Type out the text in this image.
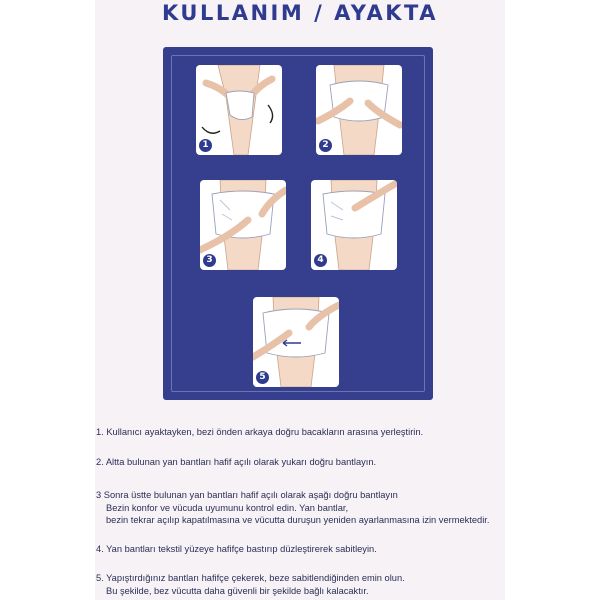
KULLANIM / AYAKTA
1	2
3	4
5
1. Kullanıcı ayaktayken, bezi önden arkaya doğru bacakların arasına yerleştirin.
2. Altta bulunan yan bantları hafif açılı olarak yukarı doğru bantlayın.
3 Sonra üstte bulunan yan bantları hafif açılı olarak aşağı doğru bantlayın
Bezin konfor ve vücuda uyumunu kontrol edin. Yan bantlar,
bezin tekrar açılıp kapatılmasına ve vücutta duruşun yeniden ayarlanmasına izin vermektedir.
4. Yan bantları tekstil yüzeye hafifçe bastırıp düzleştirerek sabitleyin.
5. Yapıştırdığınız bantları hafifçe çekerek, beze sabitlendiğinden emin olun.
Bu şekilde, bez vücutta daha güvenli bir şekilde bağlı kalacaktır.
